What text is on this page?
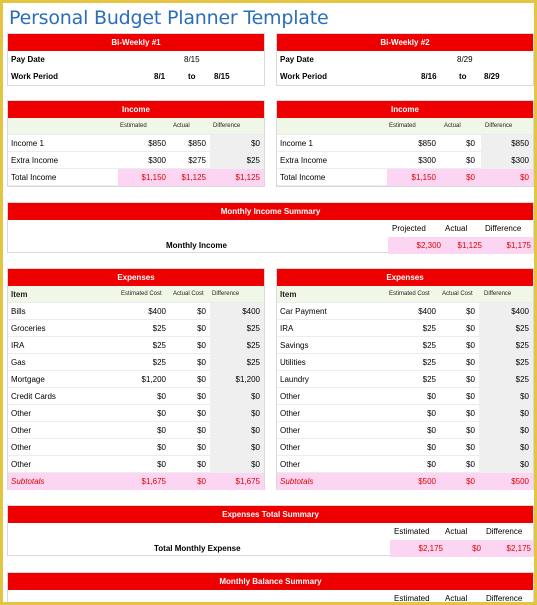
Personal Budget Planner Template
Bi-Weekly #1
Pay Date	8/15
Work Period	8/1	to 8/15
Bi-Weekly #2
Pay Date	8/29
Work Period	8/16	to 8/29
Income
Estimated	Actual	Difference
Income 1	$850	$850	$0
Extra Income	$300	$275	$25
Total Income	$1,150 $1,125	$1,125
Income
Estimated	Actual	Difference
Income 1	$850	$0	$850
Extra Income	$300	$0	$300
Total Income	$1,150	$0	$0
Monthly Income Summary
Projected Actual Difference
Monthly Income	$2,300 $1,125	$1,175
Expenses
Item	Estimated Cost Actual Cost Difference
Bills	$400	$0	$400
Groceries	$25	$0	$25
IRA	$25	$0	$25
Gas	$25	$0	$25
Mortgage	$1,200	$0	$1,200
Credit Cards	$0	$0	$0
Other	$0	$0	$0
Other	$0	$0	$0
Other	$0	$0	$0
Other	$0	$0	$0
Subtotals	$1,675	$0	$1,675
Expenses
Item	Estimated Cost Actual Cost Difference
Car Payment	$400	$0	$400
IRA	$25	$0	$25
Savings	$25	$0	$25
Utilities	$25	$0	$25
Laundry	$25	$0	$25
Other	$0	$0	$0
Other	$0	$0	$0
Other	$0	$0	$0
Other	$0	$0	$0
Other	$0	$0	$0
Subtotals	$500	$0	$500
Expenses Total Summary
Estimated Actual Difference
Total Monthly Expense	$2,175	$0	$2,175
Monthly Balance Summary
Estimated Actual Difference
